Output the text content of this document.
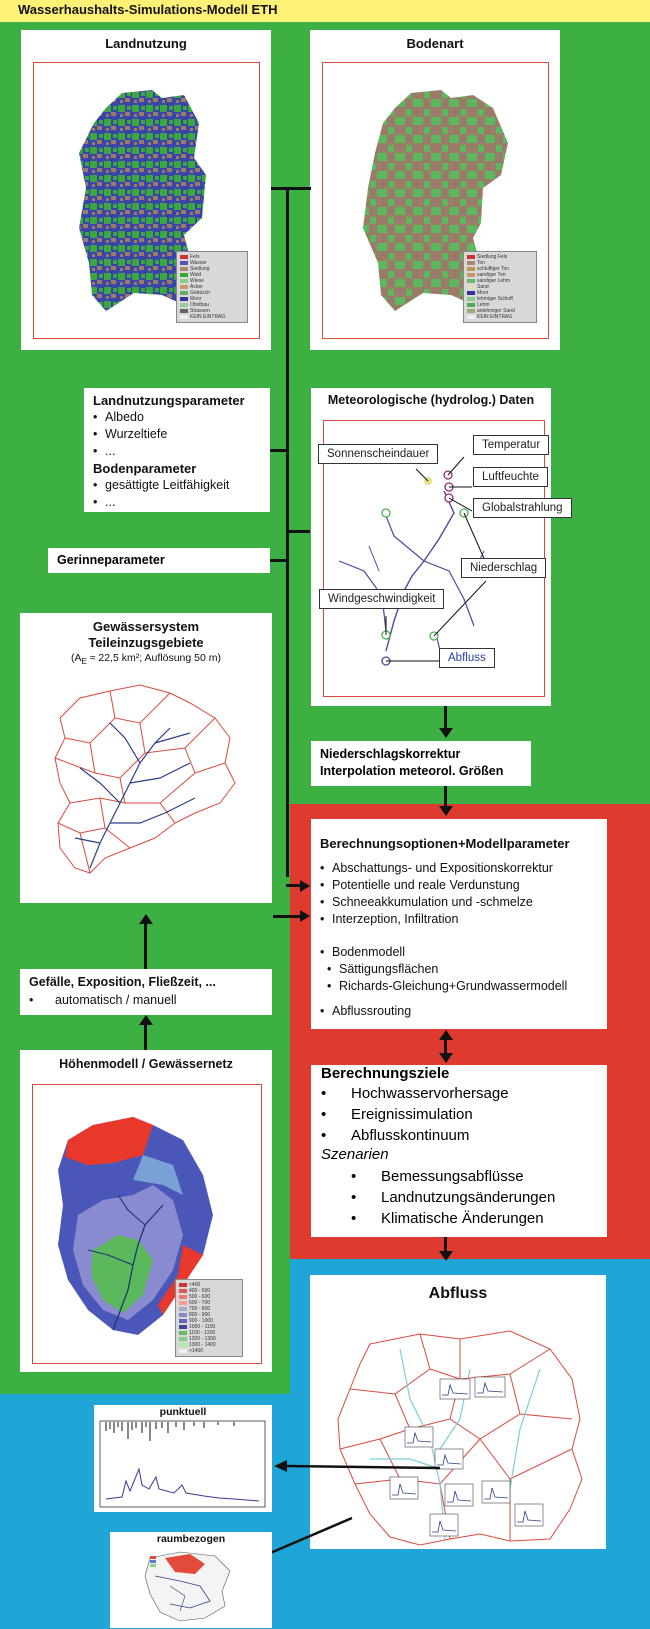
Wasserhaushalts-Simulations-Modell ETH
Landnutzung
Fels
Wasser
Siedlung
Wald
Wiese
Acker
Gebüsch
Moor
Obstbau
Strassen
KEIN EINTRAG
Bodenart
Siedlung Fels
Ton
schluffiger Ton
sandiger Ton
sandiger Lehm
Sand
Moor
lehmiger Schluff
Lehm
anlehmiger Sand
KEIN EINTRAG
Landnutzungsparameter
• Albedo
• Wurzeltiefe
• ...
Bodenparameter
• gesättigte Leitfähigkeit
• ...
Gerinneparameter
Meteorologische (hydrolog.) Daten
Sonnenscheindauer
Temperatur
Luftfeuchte
Globalstrahlung
Niederschlag
Windgeschwindigkeit
Abfluss
Niederschlagskorrektur
Interpolation meteorol. Größen
Gewässersystem
Teileinzugsgebiete
($A_E \approx 22,5$ km²; Auflösung 50 m)
Berechnungsoptionen+Modellparameter
• Abschattungs- und Expositionskorrektur
• Potentielle und reale Verdunstung
• Schneeakkumulation und -schmelze
• Interzeption, Infiltration
• Bodenmodell
• Sättigungsflächen
• Richards-Gleichung+Grundwassermodell
• Abflussrouting
Gefälle, Exposition, Fließzeit, ...
• automatisch / manuell
Berechnungsziele
• Hochwasservorhersage
• Ereignissimulation
• Abflusskontinuum
Szenarien
• Bemessungsabflüsse
• Landnutzungsänderungen
• Klimatische Änderungen
Höhenmodell / Gewässernetz
<400
400 - 500
500 - 600
600 - 700
700 - 800
800 - 900
900 - 1000
1000 - 1100
1100 - 1200
1200 - 1300
1300 - 1400
>1400
Abfluss
punktuell
raumbezogen
